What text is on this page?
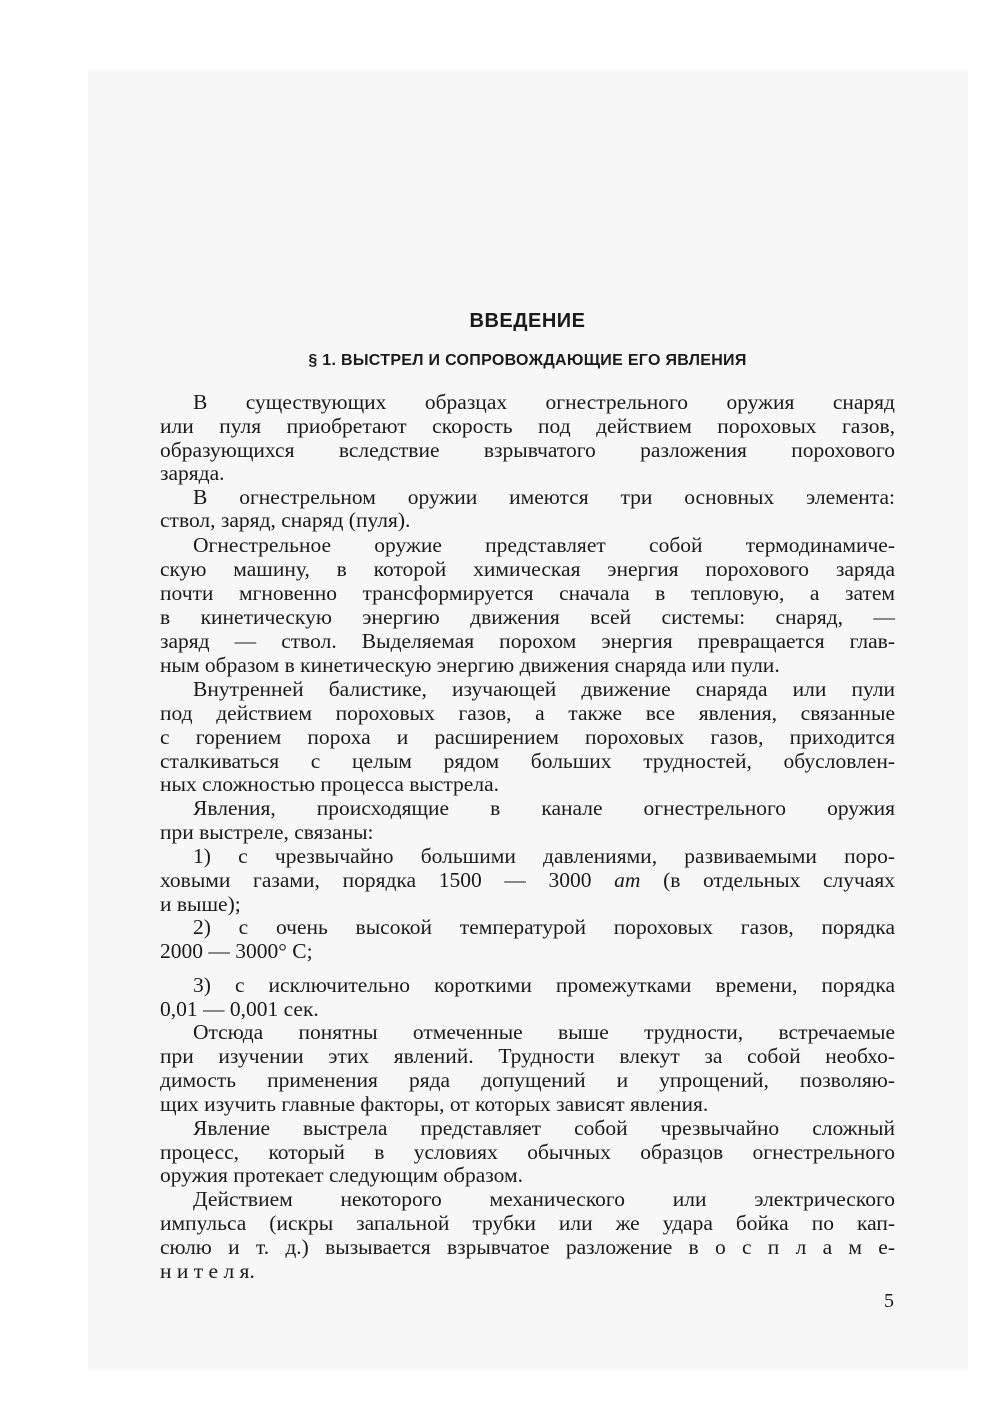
ВВЕДЕНИЕ
§ 1. ВЫСТРЕЛ И СОПРОВОЖДАЮЩИЕ ЕГО ЯВЛЕНИЯ
В существующих образцах огнестрельного оружия снаряд
или пуля приобретают скорость под действием пороховых газов,
образующихся вследствие взрывчатого разложения порохового
заряда.
В огнестрельном оружии имеются три основных элемента:
ствол, заряд, снаряд (пуля).
Огнестрельное оружие представляет собой термодинамиче-
скую машину, в которой химическая энергия порохового заряда
почти мгновенно трансформируется сначала в тепловую, а затем
в кинетическую энергию движения всей системы: снаряд, —
заряд — ствол. Выделяемая порохом энергия превращается глав-
ным образом в кинетическую энергию движения снаряда или пули.
Внутренней балистике, изучающей движение снаряда или пули
под действием пороховых газов, а также все явления, связанные
с горением пороха и расширением пороховых газов, приходится
сталкиваться с целым рядом больших трудностей, обусловлен-
ных сложностью процесса выстрела.
Явления, происходящие в канале огнестрельного оружия
при выстреле, связаны:
1) с чрезвычайно большими давлениями, развиваемыми поро-
ховыми газами, порядка 1500 — 3000 ат (в отдельных случаях
и выше);
2) с очень высокой температурой пороховых газов, порядка
2000 — 3000° С;
3) с исключительно короткими промежутками времени, порядка
0,01 — 0,001 сек.
Отсюда понятны отмеченные выше трудности, встречаемые
при изучении этих явлений. Трудности влекут за собой необхо-
димость применения ряда допущений и упрощений, позволяю-
щих изучить главные факторы, от которых зависят явления.
Явление выстрела представляет собой чрезвычайно сложный
процесс, который в условиях обычных образцов огнестрельного
оружия протекает следующим образом.
Действием некоторого механического или электрического
импульса (искры запальной трубки или же удара бойка по кап-
сюлю и т. д.) вызывается взрывчатое разложение в о с п л а м е-
н и т е л я.
5
